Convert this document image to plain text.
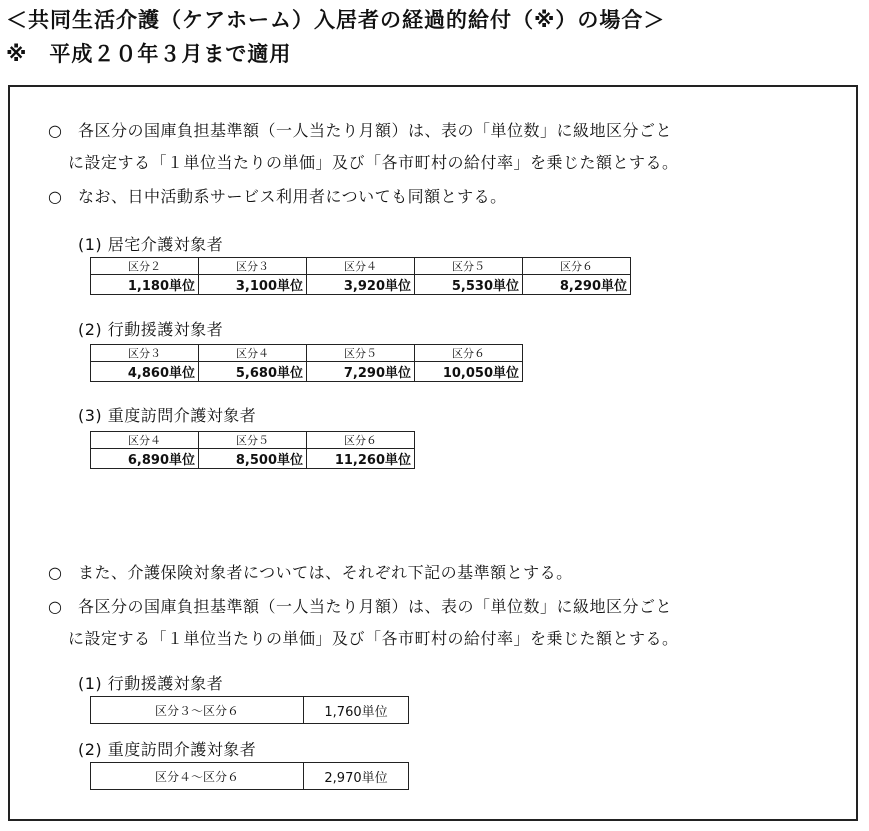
＜共同生活介護（ケアホーム）入居者の経過的給付（※）の場合＞
※　平成２０年３月まで適用
○ 各区分の国庫負担基準額（一人当たり月額）は、表の「単位数」に級地区分ごと
に設定する「１単位当たりの単価」及び「各市町村の給付率」を乗じた額とする。
○ なお、日中活動系サービス利用者についても同額とする。
(1) 居宅介護対象者
区分２	区分３	区分４	区分５	区分６
1,180単位	3,100単位	3,920単位	5,530単位	8,290単位
(2) 行動援護対象者
区分３	区分４	区分５	区分６
4,860単位	5,680単位	7,290単位	10,050単位
(3) 重度訪問介護対象者
区分４	区分５	区分６
6,890単位	8,500単位	11,260単位
○ また、介護保険対象者については、それぞれ下記の基準額とする。
○ 各区分の国庫負担基準額（一人当たり月額）は、表の「単位数」に級地区分ごと
に設定する「１単位当たりの単価」及び「各市町村の給付率」を乗じた額とする。
(1) 行動援護対象者
区分３～区分６	1,760単位
(2) 重度訪問介護対象者
区分４～区分６	2,970単位
